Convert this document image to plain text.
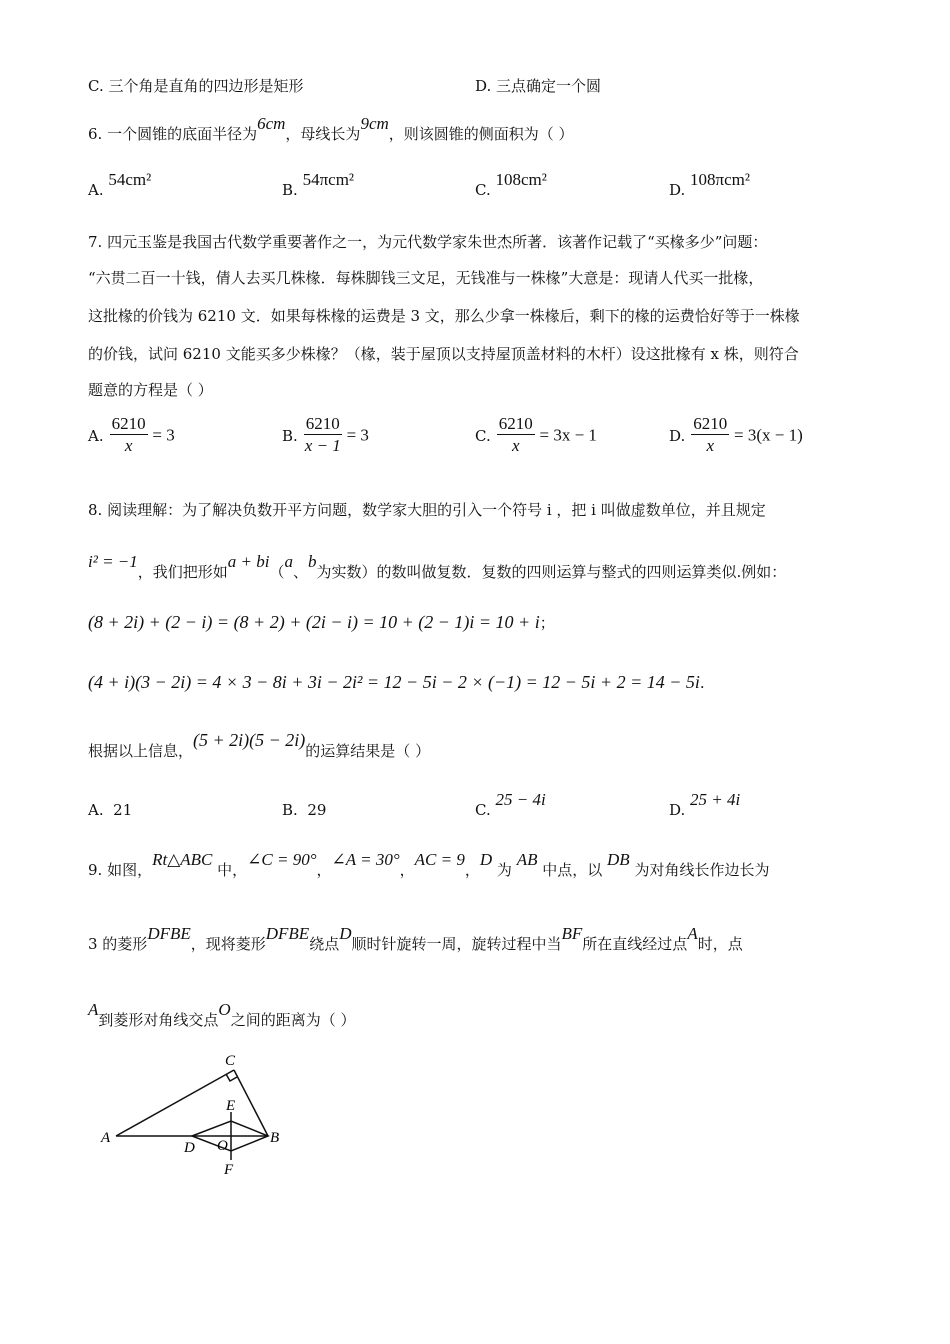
C. 三个角是直角的四边形是矩形	D. 三点确定一个圆
6. 一个圆锥的底面半径为6cm，母线长为9cm，则该圆锥的侧面积为（ ）
A. 54cm²
B. 54πcm²
C. 108cm²
D. 108πcm²
7. 四元玉鉴是我国古代数学重要著作之一，为元代数学家朱世杰所著．该著作记载了“买椽多少”问题：
“六贯二百一十钱，倩人去买几株椽．每株脚钱三文足，无钱准与一株椽”大意是：现请人代买一批椽，
这批椽的价钱为 6210 文．如果每株椽的运费是 3 文，那么少拿一株椽后，剩下的椽的运费恰好等于一株椽
的价钱，试问 6210 文能买多少株椽？（椽，装于屋顶以支持屋顶盖材料的木杆）设这批椽有 x 株，则符合
题意的方程是（ ）
A. $\frac{6210}{x} = 3$	B. $\frac{6210}{x - 1} = 3$	C. $\frac{6210}{x} = 3x - 1$	D. $\frac{6210}{x} = 3(x - 1)$
8. 阅读理解：为了解决负数开平方问题，数学家大胆的引入一个符号 i ，把 i 叫做虚数单位，并且规定
i² = −1，我们把形如a + bi（a、b为实数）的数叫做复数．复数的四则运算与整式的四则运算类似.例如：
(8 + 2i) + (2 − i) = (8 + 2) + (2i − i) = 10 + (2 − 1)i = 10 + i；
(4 + i)(3 − 2i) = 4 × 3 − 8i + 3i − 2i² = 12 − 5i − 2 × (−1) = 12 − 5i + 2 = 14 − 5i.
根据以上信息，(5 + 2i)(5 − 2i)的运算结果是（ ）
A. 21	B. 29	C. 25 − 4i
D. 25 + 4i
9. 如图，Rt△ABC 中，∠C = 90°，∠A = 30°，AC = 9，D 为 AB 中点，以 DB 为对角线长作边长为
3 的菱形DFBE，现将菱形DFBE绕点D顺时针旋转一周，旋转过程中当BF所在直线经过点A时，点
A到菱形对角线交点O之间的距离为（ ）
A	B
C
D
E
F
O
